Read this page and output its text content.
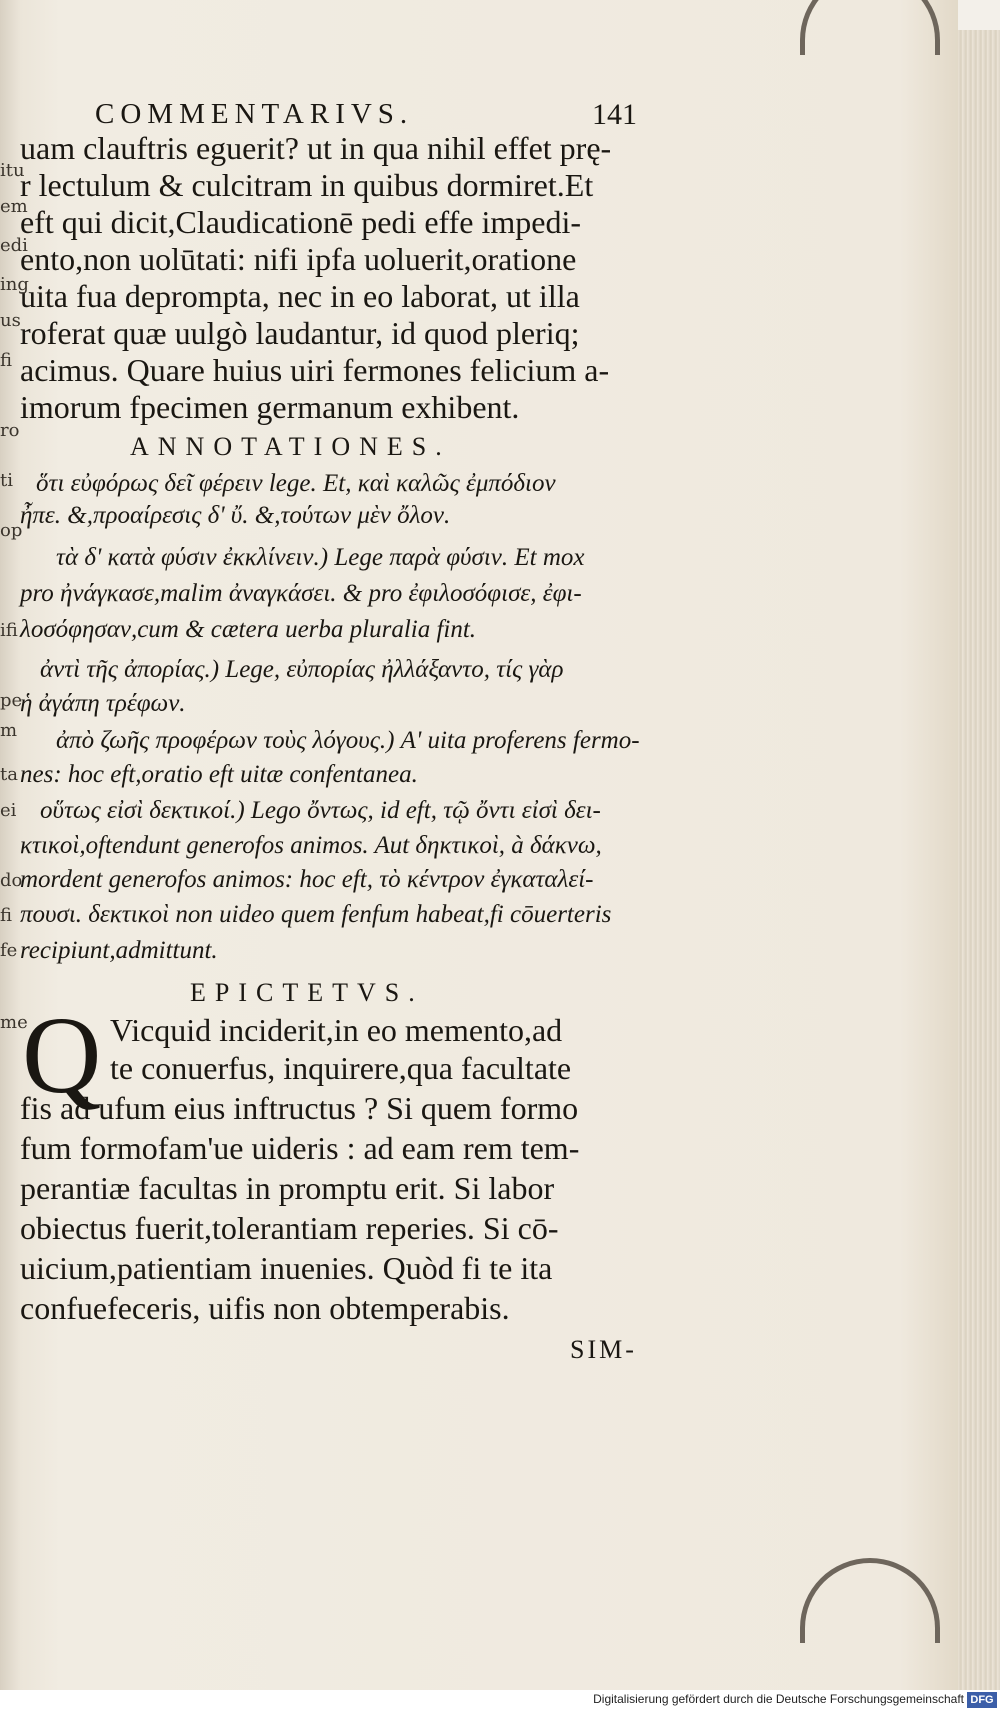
COMMENTARIVS.	141
uam clauftris eguerit? ut in qua nihil effet prę-
r lectulum & culcitram in quibus dormiret.Et
eft qui dicit,Claudicationē pedi effe impedi-
ento,non uolūtati: nifi ipfa uoluerit,oratione
uita fua deprompta, nec in eo laborat, ut illa
roferat quæ uulgò laudantur, id quod pleriq;
acimus. Quare huius uiri fermones felicium a-
imorum fpecimen germanum exhibent.
ANNOTATIONES.
ὅτι εὐφόρως δεῖ φέρειν lege. Et, καὶ καλῶς ἐμπόδιον
ἦπε. &,προαίρεσις δ' ὔ. &,τούτων μὲν ὄλον.
τὰ δ' κατὰ φύσιν ἐκκλίνειν.) Lege παρὰ φύσιν. Et mox
pro ἠνάγκασε,malim ἀναγκάσει. & pro ἐφιλοσόφισε, ἐφι-
λοσόφησαν,cum & cætera uerba pluralia fint.
ἀντὶ τῆς ἀπορίας.) Lege, εὐπορίας ἠλλάξαντο, τίς γὰρ
ἡ ἀγάπη τρέφων.
ἀπὸ ζωῆς προφέρων τοὺς λόγους.) A' uita proferens fermo-
nes: hoc eft,oratio eft uitæ confentanea.
οὕτως εἰσὶ δεκτικοί.) Lego ὄντως, id eft, τῷ ὄντι εἰσὶ δει-
κτικοὶ,oftendunt generofos animos. Aut δηκτικοὶ, à δάκνω,
mordent generofos animos: hoc eft, τὸ κέντρον ἐγκαταλεί-
πουσι. δεκτικοὶ non uideo quem fenfum habeat,fi cōuerteris
recipiunt,admittunt.
EPICTETVS.
Q Vicquid inciderit,in eo memento,ad
te conuerfus, inquirere,qua facultate
fis ad ufum eius inftructus ? Si quem formo
fum formofam'ue uideris : ad eam rem tem-
perantiæ facultas in promptu erit. Si labor
obiectus fuerit,tolerantiam reperies. Si cō-
uicium,patientiam inuenies. Quòd fi te ita
confuefeceris, uifis non obtemperabis.
SIM-
itu
em
edi
ing
us
fi
ro
ti
op
ifi
pe
m
ta
ei
do
fi
fe
me
Digitalisierung gefördert durch die Deutsche Forschungsgemeinschaft DFG
